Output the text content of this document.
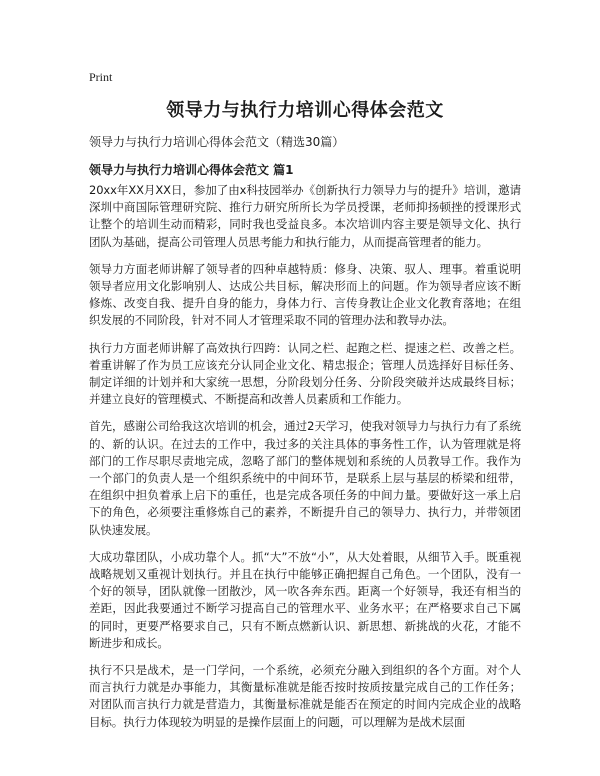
Print
领导力与执行力培训心得体会范文

领导力与执行力培训心得体会范文（精选30篇）

领导力与执行力培训心得体会范文 篇1

20xx年XX月XX日，参加了由x科技园举办《创新执行力领导力与的提升》培训，邀请深圳中商国际管理研究院、推行力研究所所长为学员授课，老师抑扬顿挫的授课形式让整个的培训生动而精彩，同时我也受益良多。本次培训内容主要是领导文化、执行团队为基础，提高公司管理人员思考能力和执行能力，从而提高管理者的能力。

领导力方面老师讲解了领导者的四种卓越特质：修身、决策、驭人、理事。着重说明领导者应用文化影响别人、达成公共目标，解决形而上的问题。作为领导者应该不断修炼、改变自我、提升自身的能力，身体力行、言传身教让企业文化教育落地；在组织发展的不同阶段，针对不同人才管理采取不同的管理办法和教导办法。

执行力方面老师讲解了高效执行四跨：认同之栏、起跑之栏、提速之栏、改善之栏。着重讲解了作为员工应该充分认同企业文化、精忠报企；管理人员选择好目标任务、制定详细的计划并和大家统一思想，分阶段划分任务、分阶段突破并达成最终目标；并建立良好的管理模式、不断提高和改善人员素质和工作能力。

首先，感谢公司给我这次培训的机会，通过2天学习，使我对领导力与执行力有了系统的、新的认识。在过去的工作中，我过多的关注具体的事务性工作，认为管理就是将部门的工作尽职尽责地完成，忽略了部门的整体规划和系统的人员教导工作。我作为一个部门的负责人是一个组织系统中的中间环节，是联系上层与基层的桥梁和纽带，在组织中担负着承上启下的重任，也是完成各项任务的中间力量。要做好这一承上启下的角色，必须要注重修炼自己的素养，不断提升自己的领导力、执行力，并带领团队快速发展。

大成功靠团队，小成功靠个人。抓“大”不放“小”，从大处着眼，从细节入手。既重视战略规划又重视计划执行。并且在执行中能够正确把握自己角色。一个团队，没有一个好的领导，团队就像一团散沙，风一吹各奔东西。距离一个好领导，我还有相当的差距，因此我要通过不断学习提高自己的管理水平、业务水平；在严格要求自己下属的同时，更要严格要求自己，只有不断点燃新认识、新思想、新挑战的火花，才能不断进步和成长。

执行不只是战术，是一门学问，一个系统，必须充分融入到组织的各个方面。对个人而言执行力就是办事能力，其衡量标准就是能否按时按质按量完成自己的工作任务；对团队而言执行力就是营造力，其衡量标准就是能否在预定的时间内完成企业的战略目标。执行力体现较为明显的是操作层面上的问题，可以理解为是战术层面
